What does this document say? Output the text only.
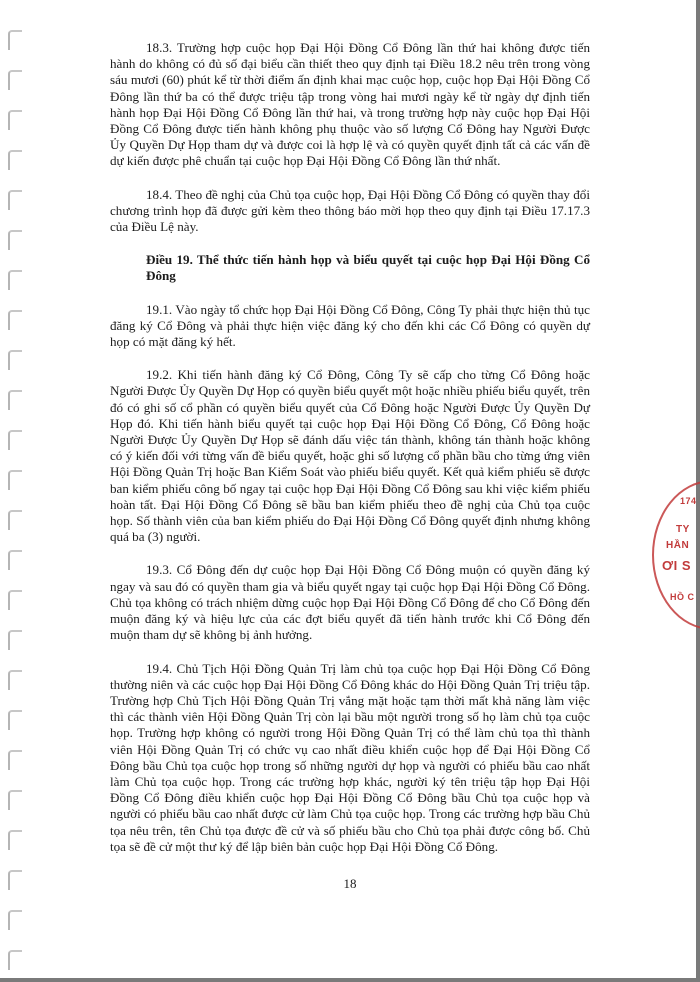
18.3. Trường hợp cuộc họp Đại Hội Đồng Cổ Đông lần thứ hai không được tiến hành do không có đủ số đại biểu cần thiết theo quy định tại Điều 18.2 nêu trên trong vòng sáu mươi (60) phút kể từ thời điểm ấn định khai mạc cuộc họp, cuộc họp Đại Hội Đồng Cổ Đông lần thứ ba có thể được triệu tập trong vòng hai mươi ngày kể từ ngày dự định tiến hành họp Đại Hội Đồng Cổ Đông lần thứ hai, và trong trường hợp này cuộc họp Đại Hội Đồng Cổ Đông được tiến hành không phụ thuộc vào số lượng Cổ Đông hay Người Được Ủy Quyền Dự Họp tham dự và được coi là hợp lệ và có quyền quyết định tất cả các vấn đề dự kiến được phê chuẩn tại cuộc họp Đại Hội Đồng Cổ Đông lần thứ nhất.

18.4. Theo đề nghị của Chủ tọa cuộc họp, Đại Hội Đồng Cổ Đông có quyền thay đổi chương trình họp đã được gửi kèm theo thông báo mời họp theo quy định tại Điều 17.17.3 của Điều Lệ này.

Điều 19. Thể thức tiến hành họp và biểu quyết tại cuộc họp Đại Hội Đồng Cổ Đông

19.1. Vào ngày tổ chức họp Đại Hội Đồng Cổ Đông, Công Ty phải thực hiện thủ tục đăng ký Cổ Đông và phải thực hiện việc đăng ký cho đến khi các Cổ Đông có quyền dự họp có mặt đăng ký hết.

19.2. Khi tiến hành đăng ký Cổ Đông, Công Ty sẽ cấp cho từng Cổ Đông hoặc Người Được Ủy Quyền Dự Họp có quyền biểu quyết một hoặc nhiều phiếu biểu quyết, trên đó có ghi số cổ phần có quyền biểu quyết của Cổ Đông hoặc Người Được Ủy Quyền Dự Họp đó. Khi tiến hành biểu quyết tại cuộc họp Đại Hội Đồng Cổ Đông, Cổ Đông hoặc Người Được Ủy Quyền Dự Họp sẽ đánh dấu việc tán thành, không tán thành hoặc không có ý kiến đối với từng vấn đề biểu quyết, hoặc ghi số lượng cổ phần bầu cho từng ứng viên Hội Đồng Quản Trị hoặc Ban Kiểm Soát vào phiếu biểu quyết. Kết quả kiểm phiếu sẽ được ban kiểm phiếu công bố ngay tại cuộc họp Đại Hội Đồng Cổ Đông sau khi việc kiểm phiếu hoàn tất. Đại Hội Đồng Cổ Đông sẽ bầu ban kiểm phiếu theo đề nghị của Chủ tọa cuộc họp. Số thành viên của ban kiểm phiếu do Đại Hội Đồng Cổ Đông quyết định nhưng không quá ba (3) người.

19.3. Cổ Đông đến dự cuộc họp Đại Hội Đồng Cổ Đông muộn có quyền đăng ký ngay và sau đó có quyền tham gia và biểu quyết ngay tại cuộc họp Đại Hội Đồng Cổ Đông. Chủ tọa không có trách nhiệm dừng cuộc họp Đại Hội Đồng Cổ Đông để cho Cổ Đông đến muộn đăng ký và hiệu lực của các đợt biểu quyết đã tiến hành trước khi Cổ Đông đến muộn tham dự sẽ không bị ảnh hưởng.

19.4. Chủ Tịch Hội Đồng Quản Trị làm chủ tọa cuộc họp Đại Hội Đồng Cổ Đông thường niên và các cuộc họp Đại Hội Đồng Cổ Đông khác do Hội Đồng Quản Trị triệu tập. Trường hợp Chủ Tịch Hội Đồng Quản Trị vắng mặt hoặc tạm thời mất khả năng làm việc thì các thành viên Hội Đồng Quản Trị còn lại bầu một người trong số họ làm chủ tọa cuộc họp. Trường hợp không có người trong Hội Đồng Quản Trị có thể làm chủ tọa thì thành viên Hội Đồng Quản Trị có chức vụ cao nhất điều khiển cuộc họp để Đại Hội Đồng Cổ Đông bầu Chủ tọa cuộc họp trong số những người dự họp và người có phiếu bầu cao nhất làm Chủ tọa cuộc họp. Trong các trường hợp khác, người ký tên triệu tập họp Đại Hội Đồng Cổ Đông điều khiển cuộc họp Đại Hội Đồng Cổ Đông bầu Chủ tọa cuộc họp và người có phiếu bầu cao nhất được cử làm Chủ tọa cuộc họp. Trong các trường hợp bầu Chủ tọa nêu trên, tên Chủ tọa được đề cử và số phiếu bầu cho Chủ tọa phải được công bố. Chủ tọa sẽ đề cử một thư ký để lập biên bản cuộc họp Đại Hội Đồng Cổ Đông.

18
174
TY
HẦN
ƠI S
HỒ C
